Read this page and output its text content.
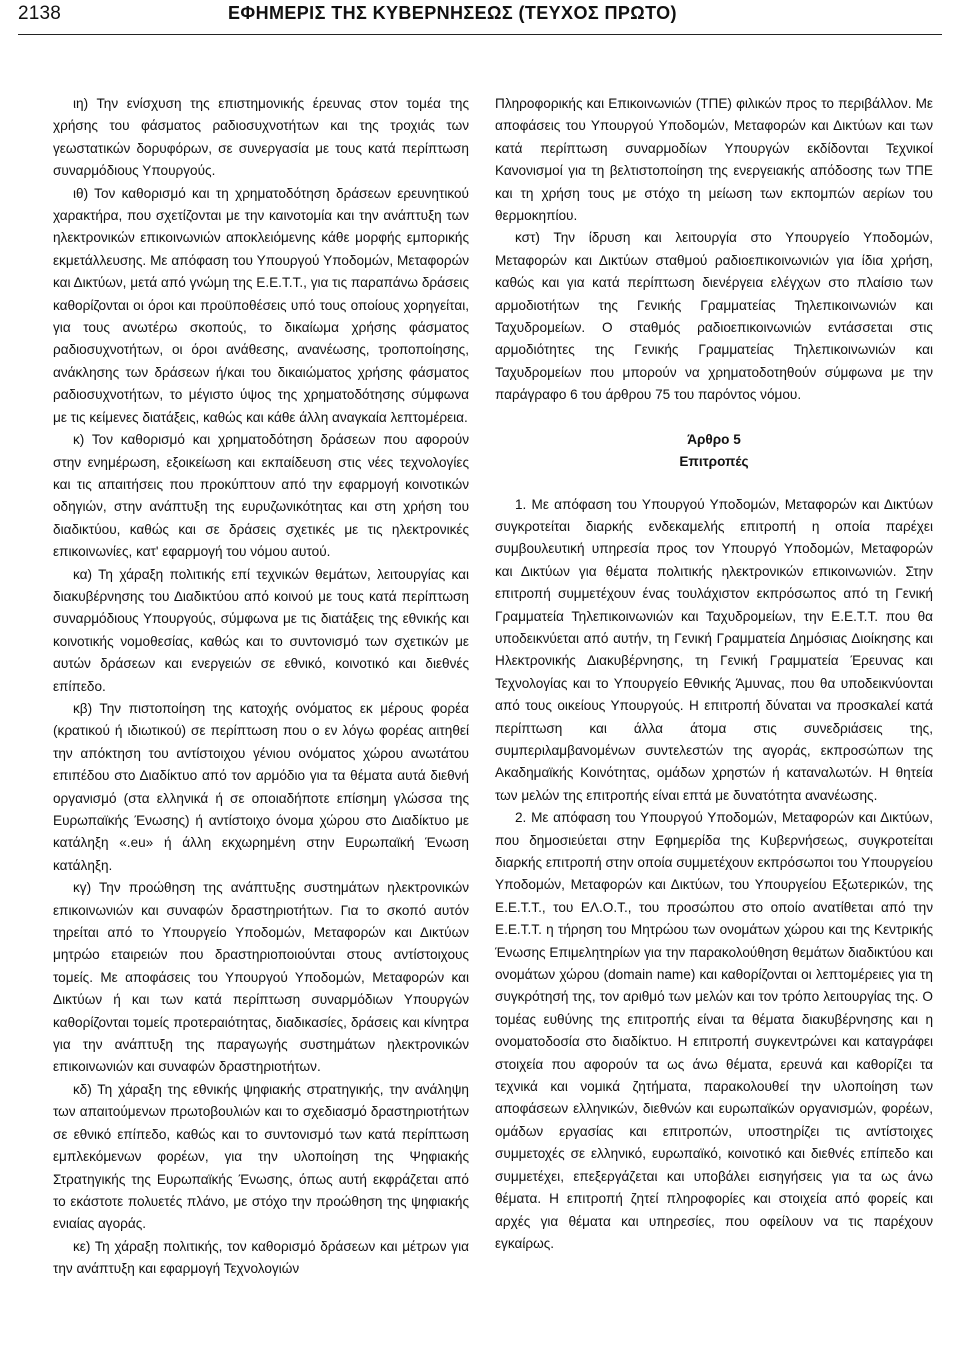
2138	ΕΦΗΜΕΡΙΣ ΤΗΣ ΚΥΒΕΡΝΗΣΕΩΣ (ΤΕΥΧΟΣ ΠΡΩΤΟ)

ιη) Την ενίσχυση της επιστημονικής έρευνας στον τομέα της χρήσης του φάσματος ραδιοσυχνοτήτων και της τροχιάς των γεωστατικών δορυφόρων, σε συνεργασία με τους κατά περίπτωση συναρμόδιους Υπουργούς.

ιθ) Τον καθορισμό και τη χρηματοδότηση δράσεων ερευνητικού χαρακτήρα, που σχετίζονται με την καινοτομία και την ανάπτυξη των ηλεκτρονικών επικοινωνιών αποκλειόμενης κάθε μορφής εμπορικής εκμετάλλευσης. Με απόφαση του Υπουργού Υποδομών, Μεταφορών και Δικτύων, μετά από γνώμη της Ε.Ε.Τ.Τ., για τις παραπάνω δράσεις καθορίζονται οι όροι και προϋποθέσεις υπό τους οποίους χορηγείται, για τους ανωτέρω σκοπούς, το δικαίωμα χρήσης φάσματος ραδιοσυχνοτήτων, οι όροι ανάθεσης, ανανέωσης, τροποποίησης, ανάκλησης των δράσεων ή/και του δικαιώματος χρήσης φάσματος ραδιοσυχνοτήτων, το μέγιστο ύψος της χρηματοδότησης σύμφωνα με τις κείμενες διατάξεις, καθώς και κάθε άλλη αναγκαία λεπτομέρεια.

κ) Τον καθορισμό και χρηματοδότηση δράσεων που αφορούν στην ενημέρωση, εξοικείωση και εκπαίδευση στις νέες τεχνολογίες και τις απαιτήσεις που προκύπτουν από την εφαρμογή κοινοτικών οδηγιών, στην ανάπτυξη της ευρυζωνικότητας και στη χρήση του διαδικτύου, καθώς και σε δράσεις σχετικές με τις ηλεκτρονικές επικοινωνίες, κατ' εφαρμογή του νόμου αυτού.

κα) Τη χάραξη πολιτικής επί τεχνικών θεμάτων, λειτουργίας και διακυβέρνησης του Διαδικτύου από κοινού με τους κατά περίπτωση συναρμόδιους Υπουργούς, σύμφωνα με τις διατάξεις της εθνικής και κοινοτικής νομοθεσίας, καθώς και το συντονισμό των σχετικών με αυτών δράσεων και ενεργειών σε εθνικό, κοινοτικό και διεθνές επίπεδο.

κβ) Την πιστοποίηση της κατοχής ονόματος εκ μέρους φορέα (κρατικού ή ιδιωτικού) σε περίπτωση που ο εν λόγω φορέας αιτηθεί την απόκτηση του αντίστοιχου γένιου ονόματος χώρου ανωτάτου επιπέδου στο Διαδίκτυο από τον αρμόδιο για τα θέματα αυτά διεθνή οργανισμό (στα ελληνικά ή σε οποιαδήποτε επίσημη γλώσσα της Ευρωπαϊκής Ένωσης) ή αντίστοιχο όνομα χώρου στο Διαδίκτυο με κατάληξη «.eu» ή άλλη εκχωρημένη στην Ευρωπαϊκή Ένωση κατάληξη.

κγ) Την προώθηση της ανάπτυξης συστημάτων ηλεκτρονικών επικοινωνιών και συναφών δραστηριοτήτων. Για το σκοπό αυτόν τηρείται από το Υπουργείο Υποδομών, Μεταφορών και Δικτύων μητρώο εταιρειών που δραστηριοποιούνται στους αντίστοιχους τομείς. Με αποφάσεις του Υπουργού Υποδομών, Μεταφορών και Δικτύων ή και των κατά περίπτωση συναρμόδιων Υπουργών καθορίζονται τομείς προτεραιότητας, διαδικασίες, δράσεις και κίνητρα για την ανάπτυξη της παραγωγής συστημάτων ηλεκτρονικών επικοινωνιών και συναφών δραστηριοτήτων.

κδ) Τη χάραξη της εθνικής ψηφιακής στρατηγικής, την ανάληψη των απαιτούμενων πρωτοβουλιών και το σχεδιασμό δραστηριοτήτων σε εθνικό επίπεδο, καθώς και το συντονισμό των κατά περίπτωση εμπλεκόμενων φορέων, για την υλοποίηση της Ψηφιακής Στρατηγικής της Ευρωπαϊκής Ένωσης, όπως αυτή εκφράζεται από το εκάστοτε πολυετές πλάνο, με στόχο την προώθηση της ψηφιακής ενιαίας αγοράς.

κε) Τη χάραξη πολιτικής, τον καθορισμό δράσεων και μέτρων για την ανάπτυξη και εφαρμογή Τεχνολογιών

Πληροφορικής και Επικοινωνιών (ΤΠΕ) φιλικών προς το περιβάλλον. Με αποφάσεις του Υπουργού Υποδομών, Μεταφορών και Δικτύων και των κατά περίπτωση συναρμοδίων Υπουργών εκδίδονται Τεχνικοί Κανονισμοί για τη βελτιστοποίηση της ενεργειακής απόδοσης των ΤΠΕ και τη χρήση τους με στόχο τη μείωση των εκπομπών αερίων του θερμοκηπίου.

κστ) Την ίδρυση και λειτουργία στο Υπουργείο Υποδομών, Μεταφορών και Δικτύων σταθμού ραδιοεπικοινωνιών για ίδια χρήση, καθώς και για κατά περίπτωση διενέργεια ελέγχων στο πλαίσιο των αρμοδιοτήτων της Γενικής Γραμματείας Τηλεπικοινωνιών και Ταχυδρομείων. Ο σταθμός ραδιοεπικοινωνιών εντάσσεται στις αρμοδιότητες της Γενικής Γραμματείας Τηλεπικοινωνιών και Ταχυδρομείων που μπορούν να χρηματοδοτηθούν σύμφωνα με την παράγραφο 6 του άρθρου 75 του παρόντος νόμου.

Άρθρο 5
Επιτροπές

1. Με απόφαση του Υπουργού Υποδομών, Μεταφορών και Δικτύων συγκροτείται διαρκής ενδεκαμελής επιτροπή η οποία παρέχει συμβουλευτική υπηρεσία προς τον Υπουργό Υποδομών, Μεταφορών και Δικτύων για θέματα πολιτικής ηλεκτρονικών επικοινωνιών. Στην επιτροπή συμμετέχουν ένας τουλάχιστον εκπρόσωπος από τη Γενική Γραμματεία Τηλεπικοινωνιών και Ταχυδρομείων, την Ε.Ε.Τ.Τ. που θα υποδεικνύεται από αυτήν, τη Γενική Γραμματεία Δημόσιας Διοίκησης και Ηλεκτρονικής Διακυβέρνησης, τη Γενική Γραμματεία Έρευνας και Τεχνολογίας και το Υπουργείο Εθνικής Άμυνας, που θα υποδεικνύονται από τους οικείους Υπουργούς. Η επιτροπή δύναται να προσκαλεί κατά περίπτωση και άλλα άτομα στις συνεδριάσεις της, συμπεριλαμβανομένων συντελεστών της αγοράς, εκπροσώπων της Ακαδημαϊκής Κοινότητας, ομάδων χρηστών ή καταναλωτών. Η θητεία των μελών της επιτροπής είναι επτά με δυνατότητα ανανέωσης.

2. Με απόφαση του Υπουργού Υποδομών, Μεταφορών και Δικτύων, που δημοσιεύεται στην Εφημερίδα της Κυβερνήσεως, συγκροτείται διαρκής επιτροπή στην οποία συμμετέχουν εκπρόσωποι του Υπουργείου Υποδομών, Μεταφορών και Δικτύων, του Υπουργείου Εξωτερικών, της Ε.Ε.Τ.Τ., του ΕΛ.Ο.Τ., του προσώπου στο οποίο ανατίθεται από την Ε.Ε.Τ.Τ. η τήρηση του Μητρώου των ονομάτων χώρου και της Κεντρικής Ένωσης Επιμελητηρίων για την παρακολούθηση θεμάτων διαδικτύου και ονομάτων χώρου (domain name) και καθορίζονται οι λεπτομέρειες για τη συγκρότησή της, τον αριθμό των μελών και τον τρόπο λειτουργίας της. Ο τομέας ευθύνης της επιτροπής είναι τα θέματα διακυβέρνησης και η ονοματοδοσία στο διαδίκτυο. Η επιτροπή συγκεντρώνει και καταγράφει στοιχεία που αφορούν τα ως άνω θέματα, ερευνά και καθορίζει τα τεχνικά και νομικά ζητήματα, παρακολουθεί την υλοποίηση των αποφάσεων ελληνικών, διεθνών και ευρωπαϊκών οργανισμών, φορέων, ομάδων εργασίας και επιτροπών, υποστηρίζει τις αντίστοιχες συμμετοχές σε ελληνικό, ευρωπαϊκό, κοινοτικό και διεθνές επίπεδο και συμμετέχει, επεξεργάζεται και υποβάλει εισηγήσεις για τα ως άνω θέματα. Η επιτροπή ζητεί πληροφορίες και στοιχεία από φορείς και αρχές για θέματα και υπηρεσίες, που οφείλουν να τις παρέχουν εγκαίρως.
